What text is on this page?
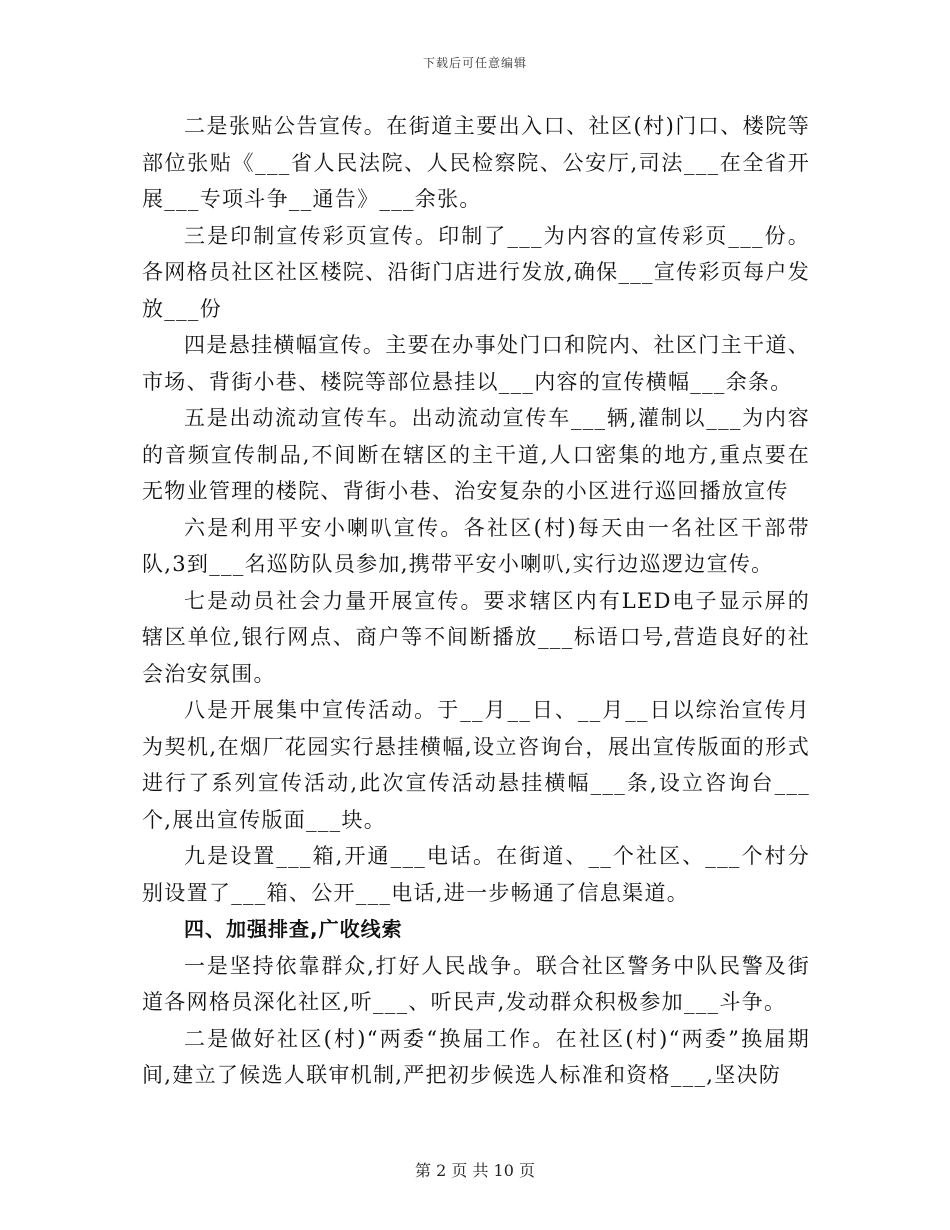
下载后可任意编辑

二是张贴公告宣传。在街道主要出入口、社区(村)门口、楼院等部位张贴《___省人民法院、人民检察院、公安厅,司法___在全省开展___专项斗争__通告》___余张。

三是印制宣传彩页宣传。印制了___为内容的宣传彩页___份。各网格员社区社区楼院、沿街门店进行发放,确保___宣传彩页每户发放___份

四是悬挂横幅宣传。主要在办事处门口和院内、社区门主干道、市场、背街小巷、楼院等部位悬挂以___内容的宣传横幅___余条。

五是出动流动宣传车。出动流动宣传车___辆,灌制以___为内容的音频宣传制品,不间断在辖区的主干道,人口密集的地方,重点要在无物业管理的楼院、背街小巷、治安复杂的小区进行巡回播放宣传

六是利用平安小喇叭宣传。各社区(村)每天由一名社区干部带队,3到___名巡防队员参加,携带平安小喇叭,实行边巡逻边宣传。

七是动员社会力量开展宣传。要求辖区内有LED电子显示屏的辖区单位,银行网点、商户等不间断播放___标语口号,营造良好的社会治安氛围。

八是开展集中宣传活动。于__月__日、__月__日以综治宣传月为契机,在烟厂花园实行悬挂横幅,设立咨询台，展出宣传版面的形式进行了系列宣传活动,此次宣传活动悬挂横幅___条,设立咨询台___个,展出宣传版面___块。

九是设置___箱,开通___电话。在街道、__个社区、___个村分别设置了___箱、公开___电话,进一步畅通了信息渠道。

四、加强排查,广收线索

一是坚持依靠群众,打好人民战争。联合社区警务中队民警及街道各网格员深化社区,听___、听民声,发动群众积极参加___斗争。

二是做好社区(村)“两委“换届工作。在社区(村)“两委”换届期间,建立了候选人联审机制,严把初步候选人标准和资格___,坚决防

第 2 页 共 10 页
